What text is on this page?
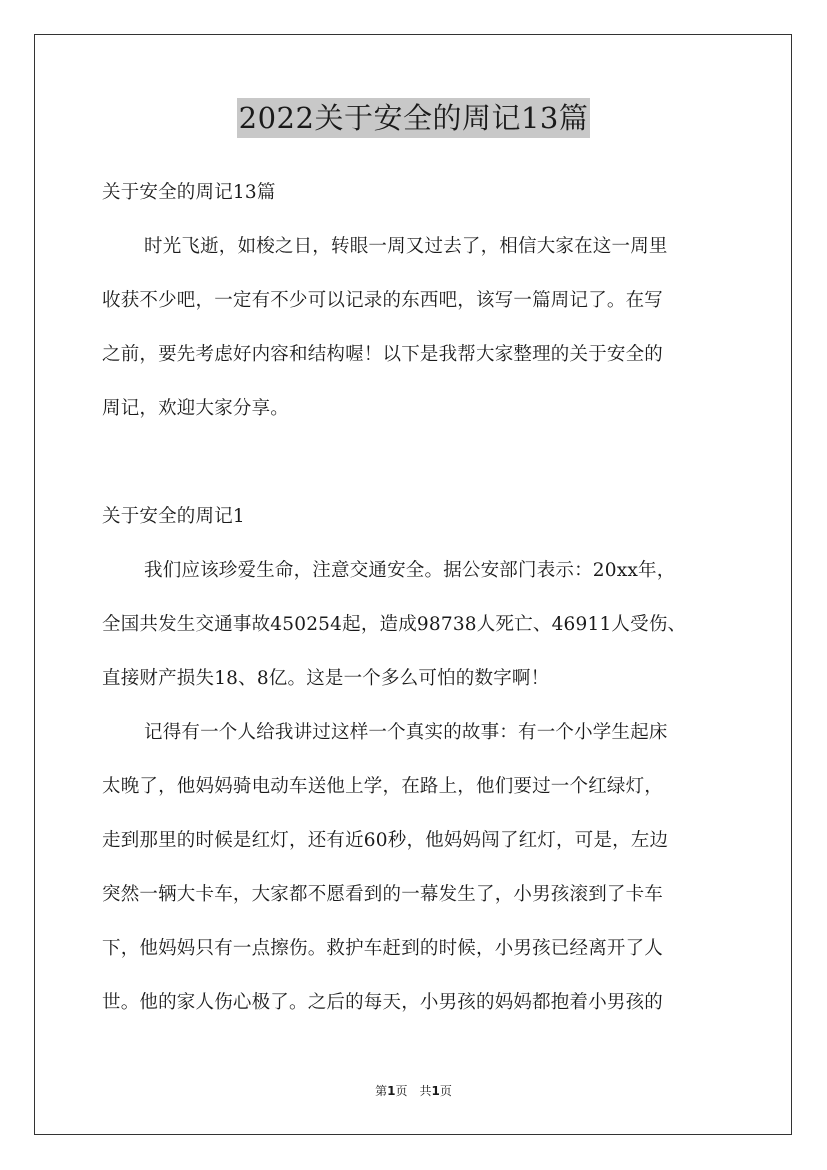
2022关于安全的周记13篇
关于安全的周记13篇
时光飞逝，如梭之日，转眼一周又过去了，相信大家在这一周里
收获不少吧，一定有不少可以记录的东西吧，该写一篇周记了。在写
之前，要先考虑好内容和结构喔！以下是我帮大家整理的关于安全的
周记，欢迎大家分享。
关于安全的周记1
我们应该珍爱生命，注意交通安全。据公安部门表示：20xx年，
全国共发生交通事故450254起，造成98738人死亡、46911人受伤、
直接财产损失18、8亿。这是一个多么可怕的数字啊！
记得有一个人给我讲过这样一个真实的故事：有一个小学生起床
太晚了，他妈妈骑电动车送他上学，在路上，他们要过一个红绿灯，
走到那里的时候是红灯，还有近60秒，他妈妈闯了红灯，可是，左边
突然一辆大卡车，大家都不愿看到的一幕发生了，小男孩滚到了卡车
下，他妈妈只有一点擦伤。救护车赶到的时候，小男孩已经离开了人
世。他的家人伤心极了。之后的每天，小男孩的妈妈都抱着小男孩的
第1页　共1页
